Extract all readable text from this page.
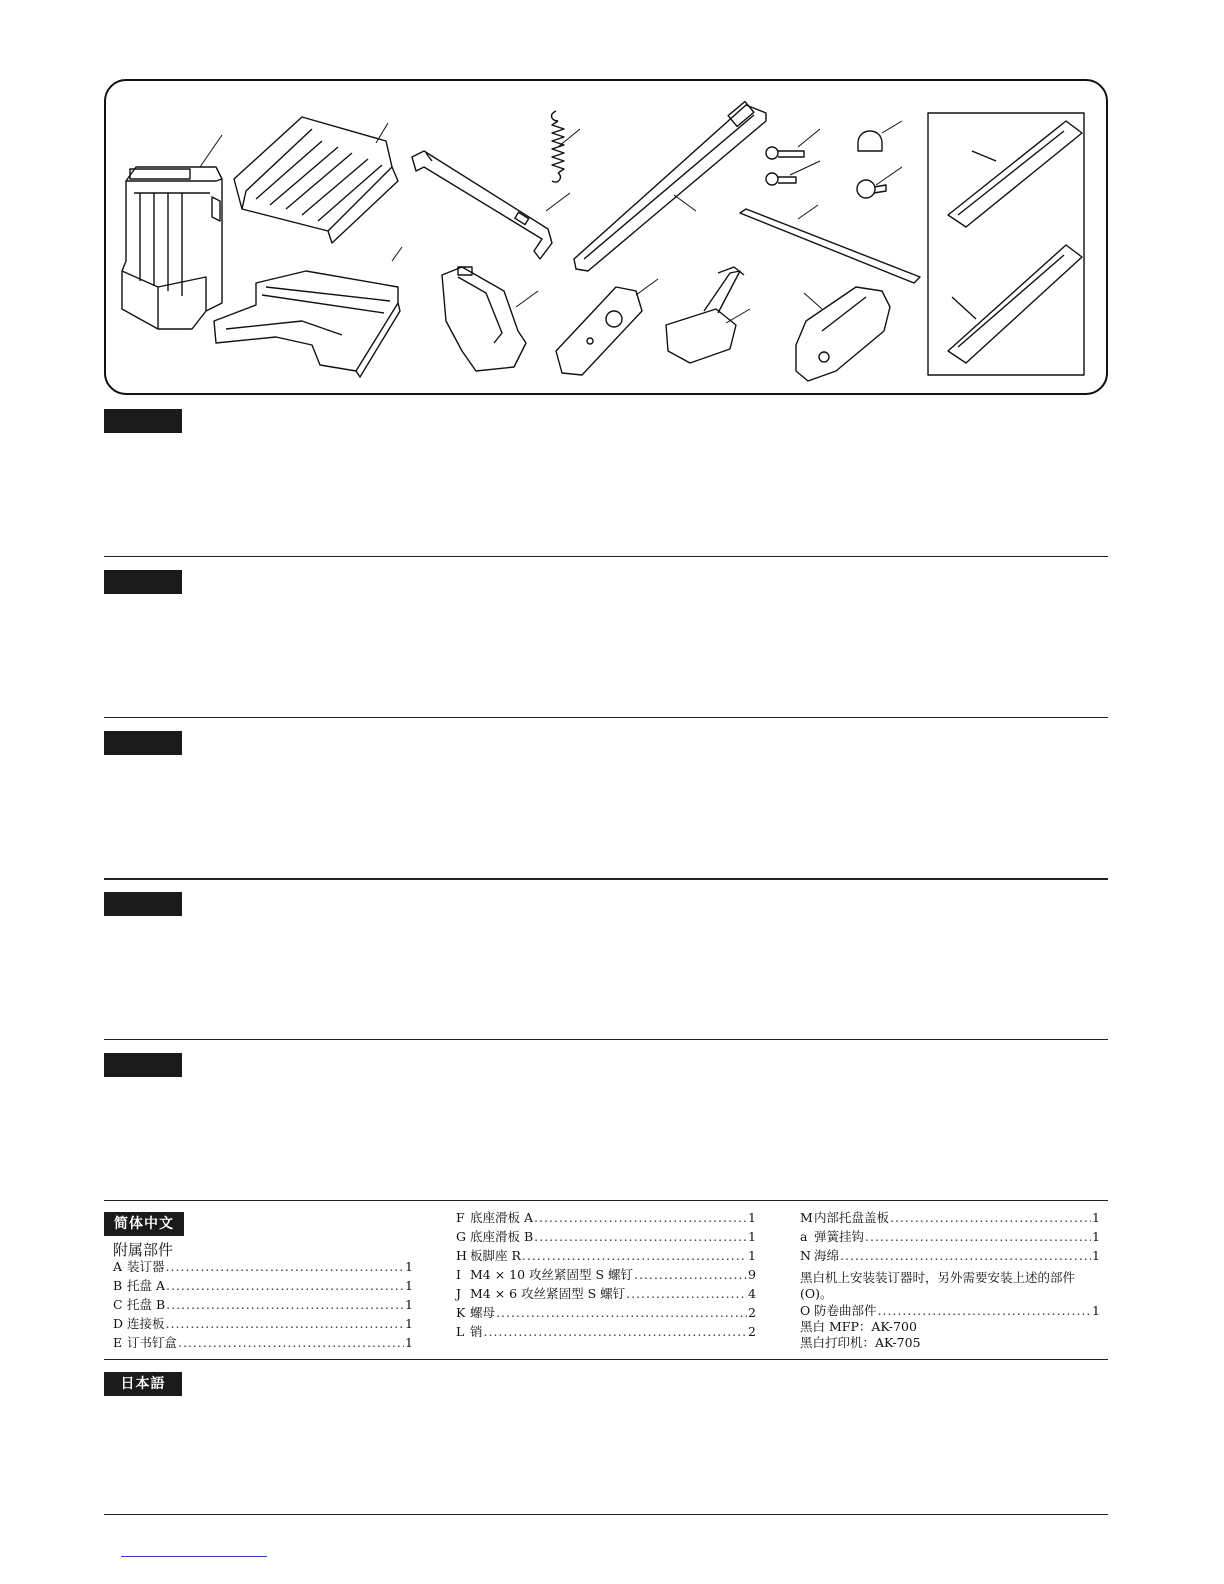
简体中文
附属部件
A 装订器 .....	1
B 托盘 A .....	1
C 托盘 B .....	1
D 连接板 .....	1
E 订书钉盒 .....	1
F 底座滑板 A .....	1
G 底座滑板 B .....	1
H 板脚座 R .....	1
I M4 × 10 攻丝紧固型 S 螺钉 .....	9
J M4 × 6 攻丝紧固型 S 螺钉 .....	4
K 螺母 .....	2
L 销 .....	2
M 内部托盘盖板 .....	1
a 弹簧挂钩 .....	1
N 海绵 .....	1
黑白机上安装装订器时，另外需要安装上述的部件 (O)。
O 防卷曲部件 .....	1
黑白 MFP：AK-700
黑白打印机：AK-705
日本語
